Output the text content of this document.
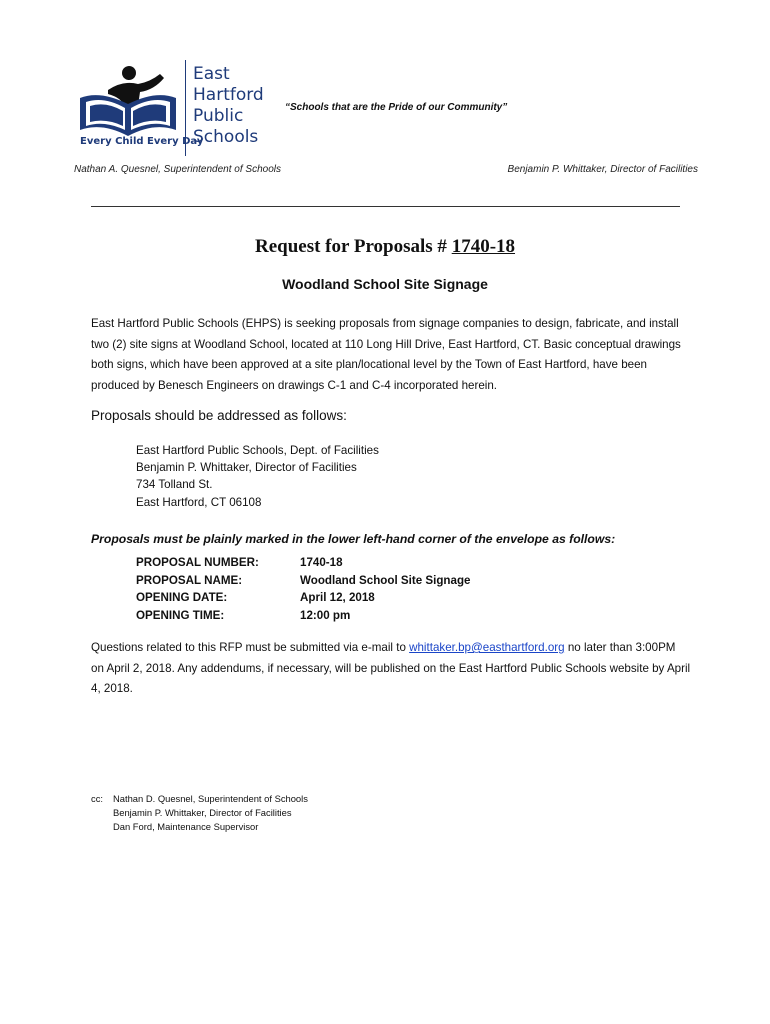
East
Hartford
Public
Schools
Every Child Every Day
“Schools that are the Pride of our Community”
Nathan A. Quesnel, Superintendent of Schools	Benjamin P. Whittaker, Director of Facilities
Request for Proposals # 1740-18
Woodland School Site Signage
East Hartford Public Schools (EHPS) is seeking proposals from signage companies to design, fabricate, and install two (2) site signs at Woodland School, located at 110 Long Hill Drive, East Hartford, CT. Basic conceptual drawings both signs, which have been approved at a site plan/locational level by the Town of East Hartford, have been produced by Benesch Engineers on drawings C-1 and C-4 incorporated herein.
Proposals should be addressed as follows:
East Hartford Public Schools, Dept. of Facilities
Benjamin P. Whittaker, Director of Facilities
734 Tolland St.
East Hartford, CT 06108
Proposals must be plainly marked in the lower left-hand corner of the envelope as follows:
PROPOSAL NUMBER:	1740-18
PROPOSAL NAME:	Woodland School Site Signage
OPENING DATE:	April 12, 2018
OPENING TIME:	12:00 pm
Questions related to this RFP must be submitted via e-mail to whittaker.bp@easthartford.org no later than 3:00PM on April 2, 2018. Any addendums, if necessary, will be published on the East Hartford Public Schools website by April 4, 2018.
cc:	Nathan D. Quesnel, Superintendent of Schools
Benjamin P. Whittaker, Director of Facilities
Dan Ford, Maintenance Supervisor
